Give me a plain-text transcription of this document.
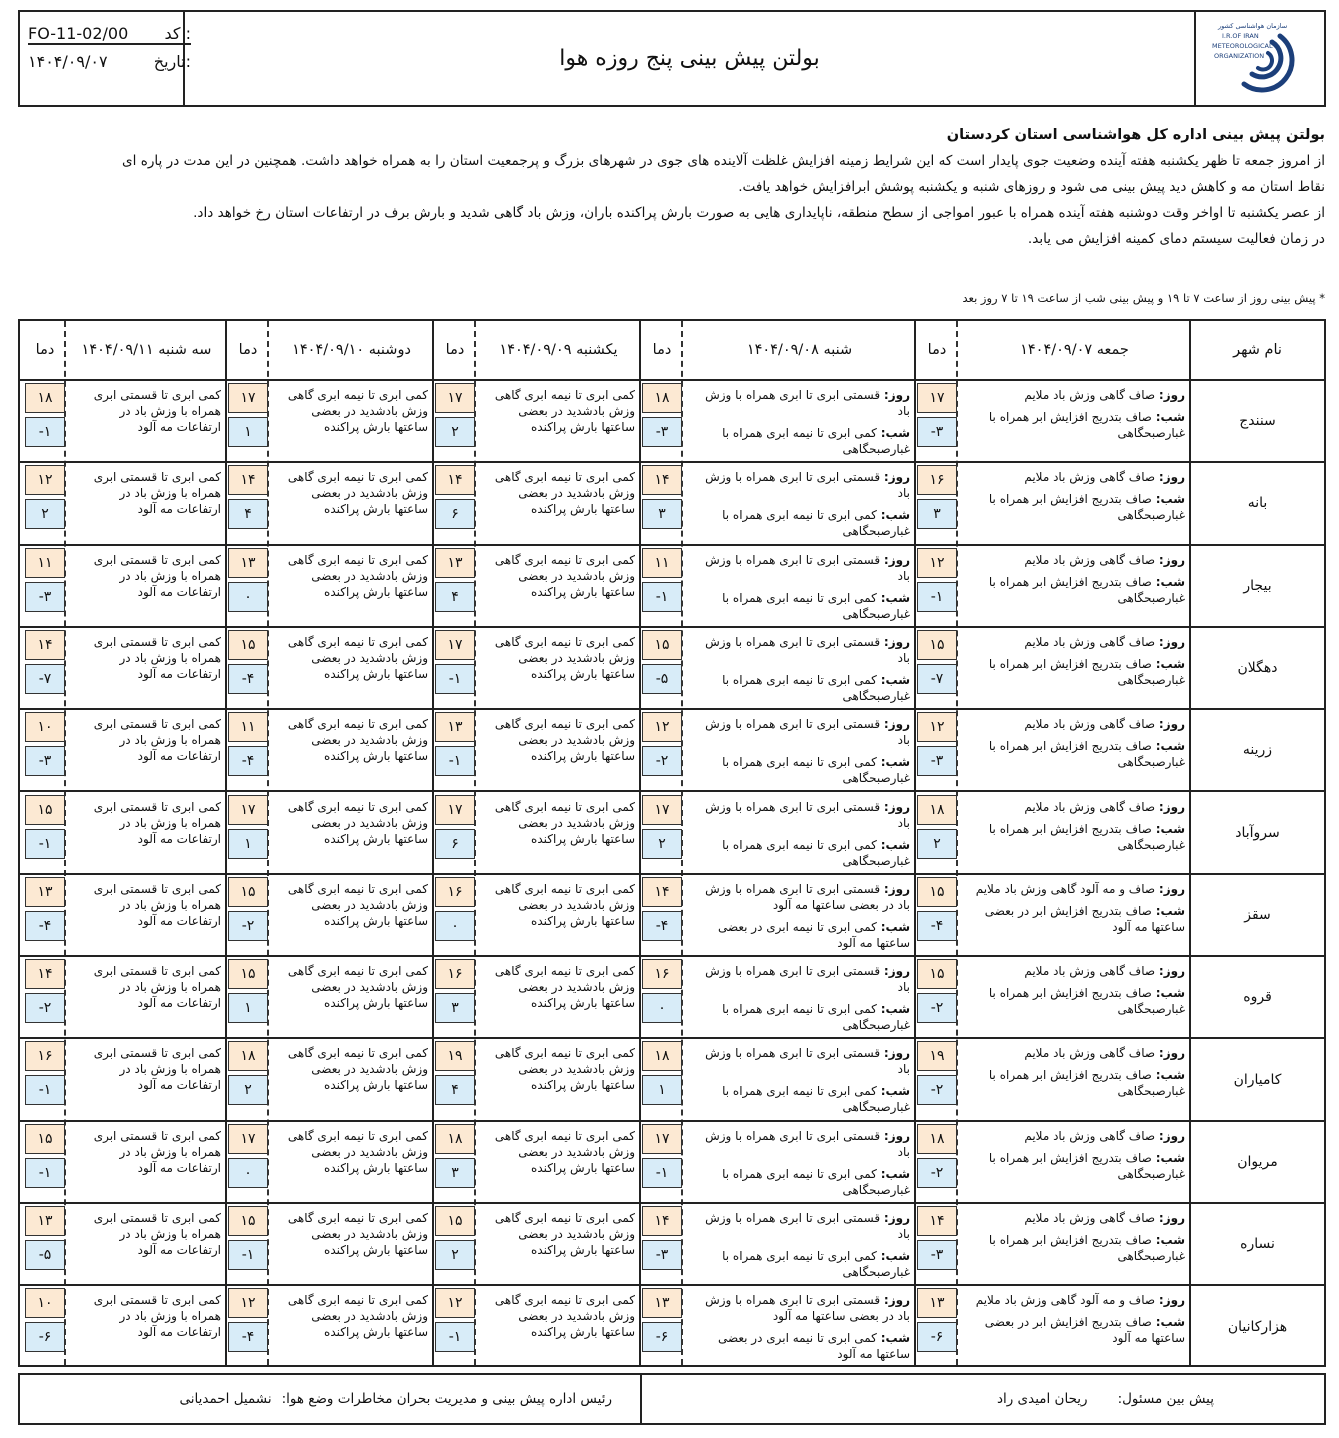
FO-11-02/00 کد :
۱۴۰۴/۰۹/۰۷	تاریخ:	بولتن پیش بینی پنج روزه هوا
سازمان هواشناسی کشور
I.R.OF IRAN
METEOROLOGICAL
ORGANIZATION
بولتن پیش بینی اداره کل هواشناسی استان کردستان
از امروز جمعه تا ظهر یکشنبه هفته آینده وضعیت جوی پایدار است که این شرایط زمینه افزایش غلظت آلاینده های جوی در شهرهای بزرگ و پرجمعیت استان را به همراه خواهد داشت. همچنین در این مدت در پاره ای
نقاط استان مه و کاهش دید پیش بینی می شود و روزهای شنبه و یکشنبه پوشش ابرافزایش خواهد یافت.
از عصر یکشنبه تا اواخر وقت دوشنبه هفته آینده همراه با عبور امواجی از سطح منطقه، ناپایداری هایی به صورت بارش پراکنده باران، وزش باد گاهی شدید و بارش برف در ارتفاعات استان رخ خواهد داد.
در زمان فعالیت سیستم دمای کمینه افزایش می یابد.
* پیش بینی روز از ساعت ۷ تا ۱۹ و پیش بینی شب از ساعت ۱۹ تا ۷ روز بعد
نام شهر
جمعه ۱۴۰۴/۰۹/۰۷
دما
شنبه ۱۴۰۴/۰۹/۰۸
دما
یکشنبه ۱۴۰۴/۰۹/۰۹
دما
دوشنبه ۱۴۰۴/۰۹/۱۰
دما
سه شنبه ۱۴۰۴/۰۹/۱۱
دما
سنندج
روز: صاف گاهی وزش باد ملایم
شب: صاف بتدریج افزایش ابر همراه با غبارصبحگاهی
۱۷
-۳
روز: قسمتی ابری تا ابری همراه با وزش باد
شب: کمی ابری تا نیمه ابری همراه با غبارصبحگاهی
۱۸
-۳
کمی ابری تا نیمه ابری گاهی وزش بادشدید در بعضی ساعتها بارش پراکنده
۱۷
۲
کمی ابری تا نیمه ابری گاهی وزش بادشدید در بعضی ساعتها بارش پراکنده
۱۷
۱
کمی ابری تا قسمتی ابری همراه با وزش باد در ارتفاعات مه آلود
۱۸
-۱
بانه
روز: صاف گاهی وزش باد ملایم
شب: صاف بتدریج افزایش ابر همراه با غبارصبحگاهی
۱۶
۳
روز: قسمتی ابری تا ابری همراه با وزش باد
شب: کمی ابری تا نیمه ابری همراه با غبارصبحگاهی
۱۴
۳
کمی ابری تا نیمه ابری گاهی وزش بادشدید در بعضی ساعتها بارش پراکنده
۱۴
۶
کمی ابری تا نیمه ابری گاهی وزش بادشدید در بعضی ساعتها بارش پراکنده
۱۴
۴
کمی ابری تا قسمتی ابری همراه با وزش باد در ارتفاعات مه آلود
۱۲
۲
بیجار
روز: صاف گاهی وزش باد ملایم
شب: صاف بتدریج افزایش ابر همراه با غبارصبحگاهی
۱۲
-۱
روز: قسمتی ابری تا ابری همراه با وزش باد
شب: کمی ابری تا نیمه ابری همراه با غبارصبحگاهی
۱۱
-۱
کمی ابری تا نیمه ابری گاهی وزش بادشدید در بعضی ساعتها بارش پراکنده
۱۳
۴
کمی ابری تا نیمه ابری گاهی وزش بادشدید در بعضی ساعتها بارش پراکنده
۱۳
۰
کمی ابری تا قسمتی ابری همراه با وزش باد در ارتفاعات مه آلود
۱۱
-۳
دهگلان
روز: صاف گاهی وزش باد ملایم
شب: صاف بتدریج افزایش ابر همراه با غبارصبحگاهی
۱۵
-۷
روز: قسمتی ابری تا ابری همراه با وزش باد
شب: کمی ابری تا نیمه ابری همراه با غبارصبحگاهی
۱۵
-۵
کمی ابری تا نیمه ابری گاهی وزش بادشدید در بعضی ساعتها بارش پراکنده
۱۷
-۱
کمی ابری تا نیمه ابری گاهی وزش بادشدید در بعضی ساعتها بارش پراکنده
۱۵
-۴
کمی ابری تا قسمتی ابری همراه با وزش باد در ارتفاعات مه آلود
۱۴
-۷
زرینه
روز: صاف گاهی وزش باد ملایم
شب: صاف بتدریج افزایش ابر همراه با غبارصبحگاهی
۱۲
-۳
روز: قسمتی ابری تا ابری همراه با وزش باد
شب: کمی ابری تا نیمه ابری همراه با غبارصبحگاهی
۱۲
-۲
کمی ابری تا نیمه ابری گاهی وزش بادشدید در بعضی ساعتها بارش پراکنده
۱۳
-۱
کمی ابری تا نیمه ابری گاهی وزش بادشدید در بعضی ساعتها بارش پراکنده
۱۱
-۴
کمی ابری تا قسمتی ابری همراه با وزش باد در ارتفاعات مه آلود
۱۰
-۳
سروآباد
روز: صاف گاهی وزش باد ملایم
شب: صاف بتدریج افزایش ابر همراه با غبارصبحگاهی
۱۸
۲
روز: قسمتی ابری تا ابری همراه با وزش باد
شب: کمی ابری تا نیمه ابری همراه با غبارصبحگاهی
۱۷
۲
کمی ابری تا نیمه ابری گاهی وزش بادشدید در بعضی ساعتها بارش پراکنده
۱۷
۶
کمی ابری تا نیمه ابری گاهی وزش بادشدید در بعضی ساعتها بارش پراکنده
۱۷
۱
کمی ابری تا قسمتی ابری همراه با وزش باد در ارتفاعات مه آلود
۱۵
-۱
سقز
روز: صاف و مه آلود گاهی وزش باد ملایم
شب: صاف بتدریج افزایش ابر در بعضی ساعتها مه آلود
۱۵
-۴
روز: قسمتی ابری تا ابری همراه با وزش باد در بعضی ساعتها مه آلود
شب: کمی ابری تا نیمه ابری در بعضی ساعتها مه آلود
۱۴
-۴
کمی ابری تا نیمه ابری گاهی وزش بادشدید در بعضی ساعتها بارش پراکنده
۱۶
۰
کمی ابری تا نیمه ابری گاهی وزش بادشدید در بعضی ساعتها بارش پراکنده
۱۵
-۲
کمی ابری تا قسمتی ابری همراه با وزش باد در ارتفاعات مه آلود
۱۳
-۴
قروه
روز: صاف گاهی وزش باد ملایم
شب: صاف بتدریج افزایش ابر همراه با غبارصبحگاهی
۱۵
-۲
روز: قسمتی ابری تا ابری همراه با وزش باد
شب: کمی ابری تا نیمه ابری همراه با غبارصبحگاهی
۱۶
۰
کمی ابری تا نیمه ابری گاهی وزش بادشدید در بعضی ساعتها بارش پراکنده
۱۶
۳
کمی ابری تا نیمه ابری گاهی وزش بادشدید در بعضی ساعتها بارش پراکنده
۱۵
۱
کمی ابری تا قسمتی ابری همراه با وزش باد در ارتفاعات مه آلود
۱۴
-۲
کامیاران
روز: صاف گاهی وزش باد ملایم
شب: صاف بتدریج افزایش ابر همراه با غبارصبحگاهی
۱۹
-۲
روز: قسمتی ابری تا ابری همراه با وزش باد
شب: کمی ابری تا نیمه ابری همراه با غبارصبحگاهی
۱۸
۱
کمی ابری تا نیمه ابری گاهی وزش بادشدید در بعضی ساعتها بارش پراکنده
۱۹
۴
کمی ابری تا نیمه ابری گاهی وزش بادشدید در بعضی ساعتها بارش پراکنده
۱۸
۲
کمی ابری تا قسمتی ابری همراه با وزش باد در ارتفاعات مه آلود
۱۶
-۱
مریوان
روز: صاف گاهی وزش باد ملایم
شب: صاف بتدریج افزایش ابر همراه با غبارصبحگاهی
۱۸
-۲
روز: قسمتی ابری تا ابری همراه با وزش باد
شب: کمی ابری تا نیمه ابری همراه با غبارصبحگاهی
۱۷
-۱
کمی ابری تا نیمه ابری گاهی وزش بادشدید در بعضی ساعتها بارش پراکنده
۱۸
۳
کمی ابری تا نیمه ابری گاهی وزش بادشدید در بعضی ساعتها بارش پراکنده
۱۷
۰
کمی ابری تا قسمتی ابری همراه با وزش باد در ارتفاعات مه آلود
۱۵
-۱
نساره
روز: صاف گاهی وزش باد ملایم
شب: صاف بتدریج افزایش ابر همراه با غبارصبحگاهی
۱۴
-۳
روز: قسمتی ابری تا ابری همراه با وزش باد
شب: کمی ابری تا نیمه ابری همراه با غبارصبحگاهی
۱۴
-۳
کمی ابری تا نیمه ابری گاهی وزش بادشدید در بعضی ساعتها بارش پراکنده
۱۵
۲
کمی ابری تا نیمه ابری گاهی وزش بادشدید در بعضی ساعتها بارش پراکنده
۱۵
-۱
کمی ابری تا قسمتی ابری همراه با وزش باد در ارتفاعات مه آلود
۱۳
-۵
هزارکانیان
روز: صاف و مه آلود گاهی وزش باد ملایم
شب: صاف بتدریج افزایش ابر در بعضی ساعتها مه آلود
۱۳
-۶
روز: قسمتی ابری تا ابری همراه با وزش باد در بعضی ساعتها مه آلود
شب: کمی ابری تا نیمه ابری در بعضی ساعتها مه آلود
۱۳
-۶
کمی ابری تا نیمه ابری گاهی وزش بادشدید در بعضی ساعتها بارش پراکنده
۱۲
-۱
کمی ابری تا نیمه ابری گاهی وزش بادشدید در بعضی ساعتها بارش پراکنده
۱۲
-۴
کمی ابری تا قسمتی ابری همراه با وزش باد در ارتفاعات مه آلود
۱۰
-۶
پیش بین مسئول:
ریحان امیدی راد
رئیس اداره پیش بینی و مدیریت بحران مخاطرات وضع هوا:
نشمیل احمدیانی
